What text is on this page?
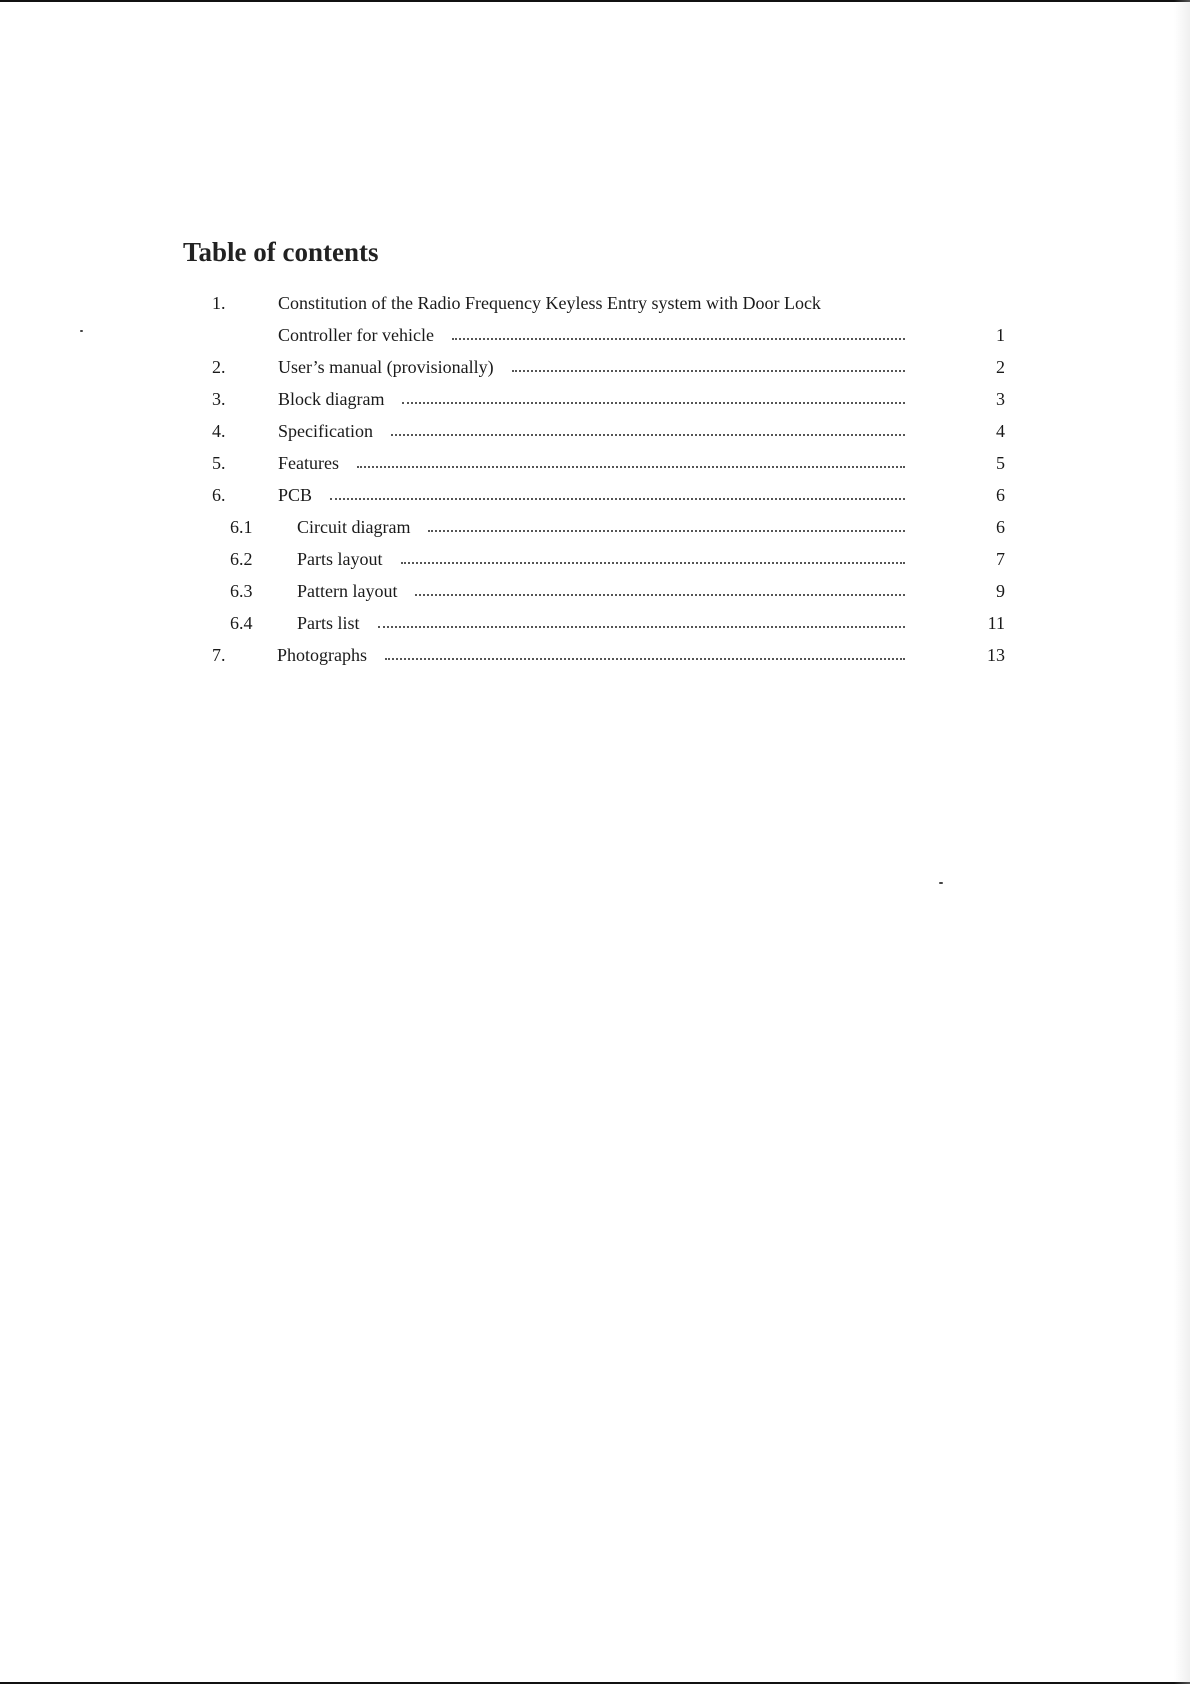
Table of contents
1.	Constitution of the Radio Frequency Keyless Entry system with Door Lock
Controller for vehicle	1
2.	User’s manual (provisionally)	2
3.	Block diagram	3
4.	Specification	4
5.	Features	5
6.	PCB	6
6.1 Circuit diagram	6
6.2 Parts layout	7
6.3 Pattern layout	9
6.4 Parts list	11
7.	Photographs	13
